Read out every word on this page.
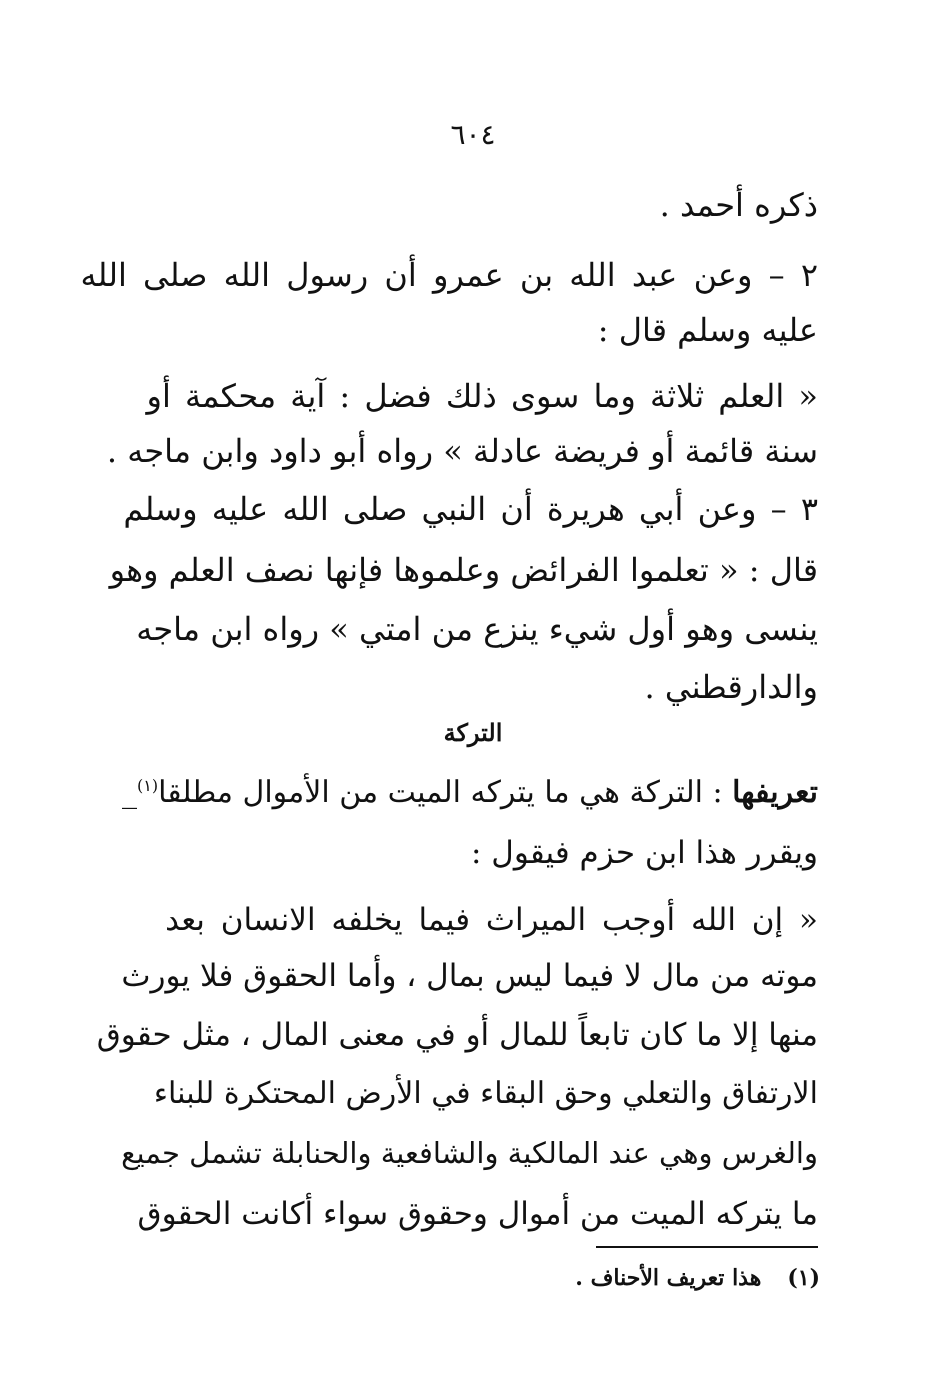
٦٠٤
ذكره أحمد .
٢ – وعن عبد الله بن عمرو أن رسول الله صلى الله
عليه وسلم قال :
« العلم ثلاثة وما سوى ذلك فضل : آية محكمة أو
سنة قائمة أو فريضة عادلة » رواه أبو داود وابن ماجه .
٣ – وعن أبي هريرة أن النبي صلى الله عليه وسلم
قال : « تعلموا الفرائض وعلموها فإنها نصف العلم وهو
ينسى وهو أول شيء ينزع من امتي » رواه ابن ماجه
والدارقطني .
التركة
تعريفها : التركة هي ما يتركه الميت من الأموال مطلقا$^{(١)}$_
ويقرر هذا ابن حزم فيقول :
« إن الله أوجب الميراث فيما يخلفه الانسان بعد
موته من مال لا فيما ليس بمال ، وأما الحقوق فلا يورث
منها إلا ما كان تابعاً للمال أو في معنى المال ، مثل حقوق
الارتفاق والتعلي وحق البقاء في الأرض المحتكرة للبناء
والغرس وهي عند المالكية والشافعية والحنابلة تشمل جميع
ما يتركه الميت من أموال وحقوق سواء أكانت الحقوق
(١)هذا تعريف الأحناف .
